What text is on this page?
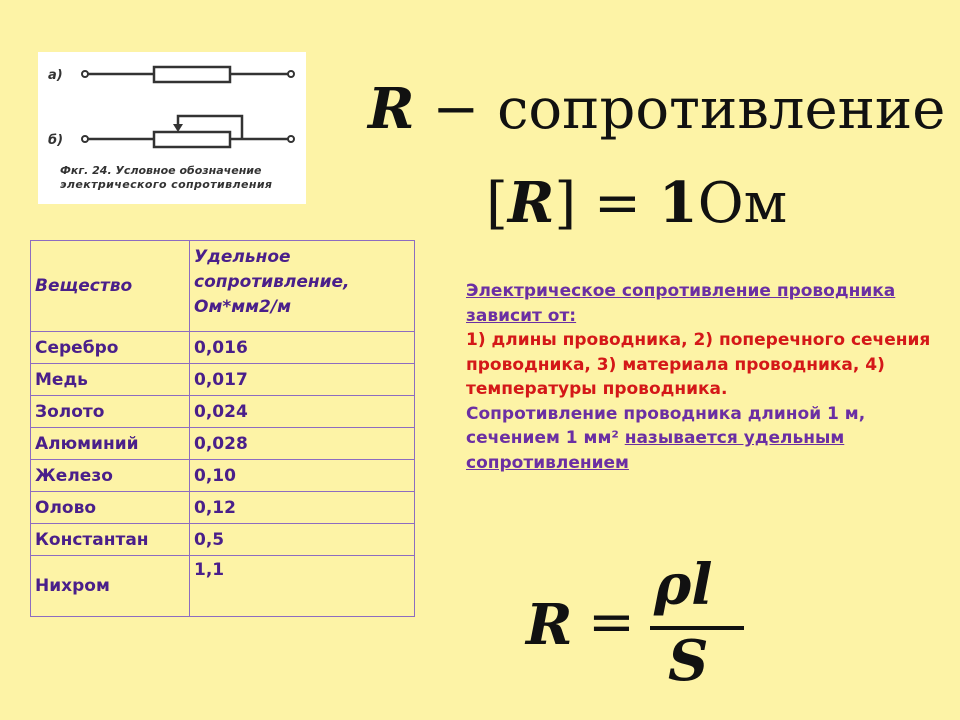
а)
б)
Фкг. 24. Условное обозначение
электрического сопротивления
R − сопротивление
[R] = 1Ом
Вещество	Удельное сопротивление, Ом*мм2/м
Серебро	0,016
Медь	0,017
Золото	0,024
Алюминий	0,028
Железо	0,10
Олово	0,12
Константан	0,5
Нихром	1,1
Электрическое сопротивление проводника зависит от:
1) длины проводника, 2) поперечного сечения проводника, 3) материала проводника, 4) температуры проводника.
Сопротивление проводника длиной 1 м, сечением 1 мм² называется удельным сопротивлением
R =
ρl
S
